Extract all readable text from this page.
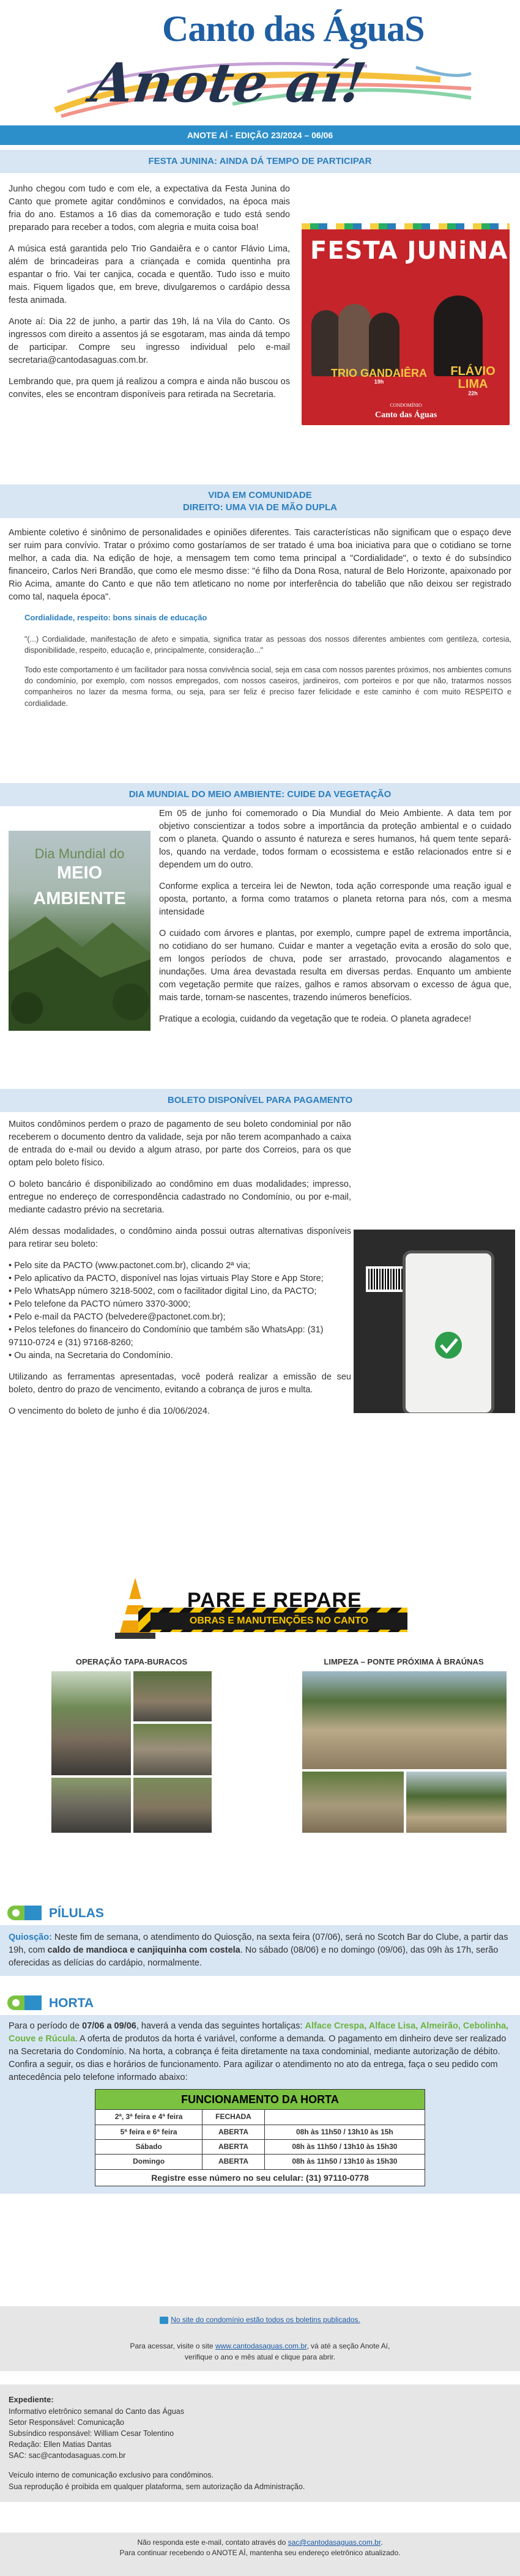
Canto das ÁguaS
Anote aí!
ANOTE AÍ - EDIÇÃO 23/2024 – 06/06
FESTA JUNINA: AINDA DÁ TEMPO DE PARTICIPAR

Junho chegou com tudo e com ele, a expectativa da Festa Junina do Canto que promete agitar condôminos e convidados, na época mais fria do ano. Estamos a 16 dias da comemoração e tudo está sendo preparado para receber a todos, com alegria e muita coisa boa!

A música está garantida pelo Trio Gandaiêra e o cantor Flávio Lima, além de brincadeiras para a criançada e comida quentinha pra espantar o frio. Vai ter canjica, cocada e quentão. Tudo isso e muito mais. Fiquem ligados que, em breve, divulgaremos o cardápio dessa festa animada.

Anote aí: Dia 22 de junho, a partir das 19h, lá na Vila do Canto. Os ingressos com direito a assentos já se esgotaram, mas ainda dá tempo de participar. Compre seu ingresso individual pelo e-mail secretaria@cantodasaguas.com.br.

Lembrando que, pra quem já realizou a compra e ainda não buscou os convites, eles se encontram disponíveis para retirada na Secretaria.

FESTA JUNiNA
TRIO GANDAIÊRA
19h
FLÁVIO LIMA
22h
CONDOMÍNIO
Canto das Águas
VIDA EM COMUNIDADE
DIREITO: UMA VIA DE MÃO DUPLA

Ambiente coletivo é sinônimo de personalidades e opiniões diferentes. Tais características não significam que o espaço deve ser ruim para convívio. Tratar o próximo como gostaríamos de ser tratado é uma boa iniciativa para que o cotidiano se torne melhor, a cada dia. Na edição de hoje, a mensagem tem como tema principal a "Cordialidade", o texto é do subsíndico financeiro, Carlos Neri Brandão, que como ele mesmo disse: "é filho da Dona Rosa, natural de Belo Horizonte, apaixonado por Rio Acima, amante do Canto e que não tem atleticano no nome por interferência do tabelião que não deixou ser registrado como tal, naquela época".

Cordialidade, respeito: bons sinais de educação

"(...) Cordialidade, manifestação de afeto e simpatia, significa tratar as pessoas dos nossos diferentes ambientes com gentileza, cortesia, disponibilidade, respeito, educação e, principalmente, consideração..."

Todo este comportamento é um facilitador para nossa convivência social, seja em casa com nossos parentes próximos, nos ambientes comuns do condomínio, por exemplo, com nossos empregados, com nossos caseiros, jardineiros, com porteiros e por que não, tratarmos nossos companheiros no lazer da mesma forma, ou seja, para ser feliz é preciso fazer felicidade e este caminho é com muito RESPEITO e cordialidade.

DIA MUNDIAL DO MEIO AMBIENTE: CUIDE DA VEGETAÇÃO
Dia Mundial do
MEIO AMBIENTE

Em 05 de junho foi comemorado o Dia Mundial do Meio Ambiente. A data tem por objetivo conscientizar a todos sobre a importância da proteção ambiental e o cuidado com o planeta. Quando o assunto é natureza e seres humanos, há quem tente separá-los, quando na verdade, todos formam o ecossistema e estão relacionados entre si e dependem um do outro.

Conforme explica a terceira lei de Newton, toda ação corresponde uma reação igual e oposta, portanto, a forma como tratamos o planeta retorna para nós, com a mesma intensidade

O cuidado com árvores e plantas, por exemplo, cumpre papel de extrema importância, no cotidiano do ser humano. Cuidar e manter a vegetação evita a erosão do solo que, em longos períodos de chuva, pode ser arrastado, provocando alagamentos e inundações. Uma área devastada resulta em diversas perdas. Enquanto um ambiente com vegetação permite que raízes, galhos e ramos absorvam o excesso de água que, mais tarde, tornam-se nascentes, trazendo inúmeros benefícios.

Pratique a ecologia, cuidando da vegetação que te rodeia. O planeta agradece!

BOLETO DISPONÍVEL PARA PAGAMENTO

Muitos condôminos perdem o prazo de pagamento de seu boleto condominial por não receberem o documento dentro da validade, seja por não terem acompanhado a caixa de entrada do e-mail ou devido a algum atraso, por parte dos Correios, para os que optam pelo boleto físico.

O boleto bancário é disponibilizado ao condômino em duas modalidades; impresso, entregue no endereço de correspondência cadastrado no Condomínio, ou por e-mail, mediante cadastro prévio na secretaria.

Além dessas modalidades, o condômino ainda possui outras alternativas disponíveis para retirar seu boleto:

• Pelo site da PACTO (www.pactonet.com.br), clicando 2ª via;
• Pelo aplicativo da PACTO, disponível nas lojas virtuais Play Store e App Store;
• Pelo WhatsApp número 3218-5002, com o facilitador digital Lino, da PACTO;
• Pelo telefone da PACTO número 3370-3000;
• Pelo e-mail da PACTO (belvedere@pactonet.com.br);
• Pelos telefones do financeiro do Condomínio que também são WhatsApp: (31) 97110-0724 e (31) 97168-8260;
• Ou ainda, na Secretaria do Condomínio.

Utilizando as ferramentas apresentadas, você poderá realizar a emissão de seu boleto, dentro do prazo de vencimento, evitando a cobrança de juros e multa.

O vencimento do boleto de junho é dia 10/06/2024.

PARE E REPARE
OBRAS E MANUTENÇÕES NO CANTO
OPERAÇÃO TAPA-BURACOS	LIMPEZA – PONTE PRÓXIMA À BRAÚNAS
PÍLULAS
Quiosção: Neste fim de semana, o atendimento do Quiosção, na sexta feira (07/06), será no Scotch Bar do Clube, a partir das 19h, com caldo de mandioca e canjiquinha com costela. No sábado (08/06) e no domingo (09/06), das 09h às 17h, serão oferecidas as delícias do cardápio, normalmente.
HORTA
Para o período de 07/06 a 09/06, haverá a venda das seguintes hortaliças: Alface Crespa, Alface Lisa, Almeirão, Cebolinha, Couve e Rúcula. A oferta de produtos da horta é variável, conforme a demanda. O pagamento em dinheiro deve ser realizado na Secretaria do Condomínio. Na horta, a cobrança é feita diretamente na taxa condominial, mediante autorização de débito. Confira a seguir, os dias e horários de funcionamento. Para agilizar o atendimento no ato da entrega, faça o seu pedido com antecedência pelo telefone informado abaixo:
FUNCIONAMENTO DA HORTA		
2ª, 3ª feira e 4ª feira	FECHADA	
5ª feira e 6ª feira	ABERTA	08h às 11h50 / 13h10 às 15h
Sábado	ABERTA	08h às 11h50 / 13h10 às 15h30
Domingo	ABERTA	08h às 11h50 / 13h10 às 15h30
Registre esse número no seu celular: (31) 97110-0778		
No site do condomínio estão todos os boletins publicados.
Para acessar, visite o site www.cantodasaguas.com.br, vá até a seção Anote Aí,
verifique o ano e mês atual e clique para abrir.
Expediente:
Informativo eletrônico semanal do Canto das Águas
Setor Responsável: Comunicação
Subsíndico responsável: William Cesar Tolentino
Redação: Ellen Matias Dantas
SAC: sac@cantodasaguas.com.br
Veículo interno de comunicação exclusivo para condôminos.
Sua reprodução é proibida em qualquer plataforma, sem autorização da Administração.
Não responda este e-mail, contato através do sac@cantodasaguas.com.br.
Para continuar recebendo o ANOTE AÍ, mantenha seu endereço eletrônico atualizado.
